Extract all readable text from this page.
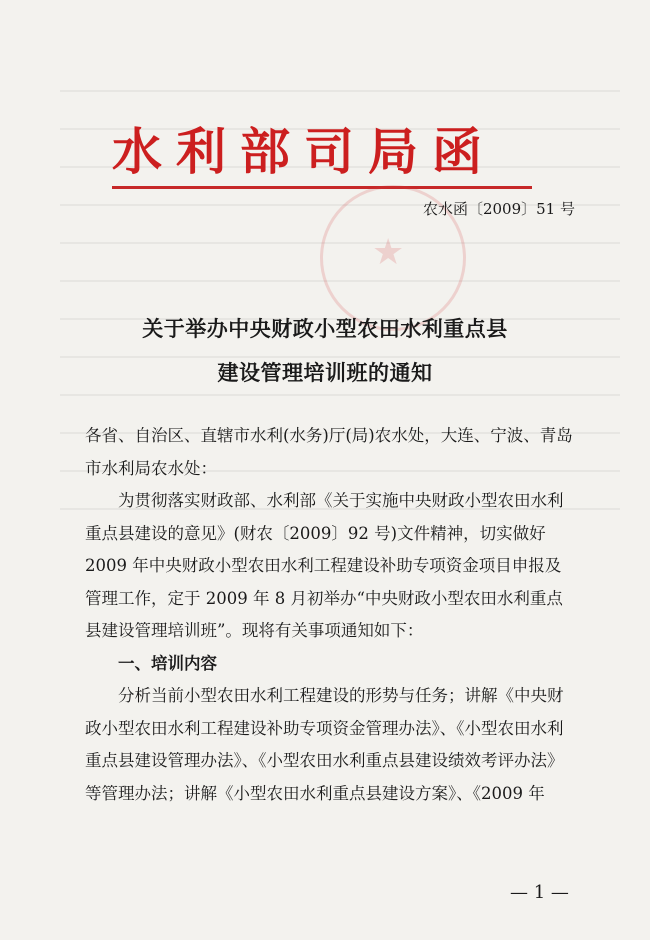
水利部司局函
★
农水函〔2009〕51 号
关于举办中央财政小型农田水利重点县
建设管理培训班的通知

各省、自治区、直辖市水利(水务)厅(局)农水处，大连、宁波、青岛市水利局农水处：

为贯彻落实财政部、水利部《关于实施中央财政小型农田水利重点县建设的意见》(财农〔2009〕92 号)文件精神，切实做好 2009 年中央财政小型农田水利工程建设补助专项资金项目申报及管理工作，定于 2009 年 8 月初举办“中央财政小型农田水利重点县建设管理培训班”。现将有关事项通知如下：

一、培训内容

分析当前小型农田水利工程建设的形势与任务；讲解《中央财政小型农田水利工程建设补助专项资金管理办法》、《小型农田水利重点县建设管理办法》、《小型农田水利重点县建设绩效考评办法》等管理办法；讲解《小型农田水利重点县建设方案》、《2009 年

— 1 —
